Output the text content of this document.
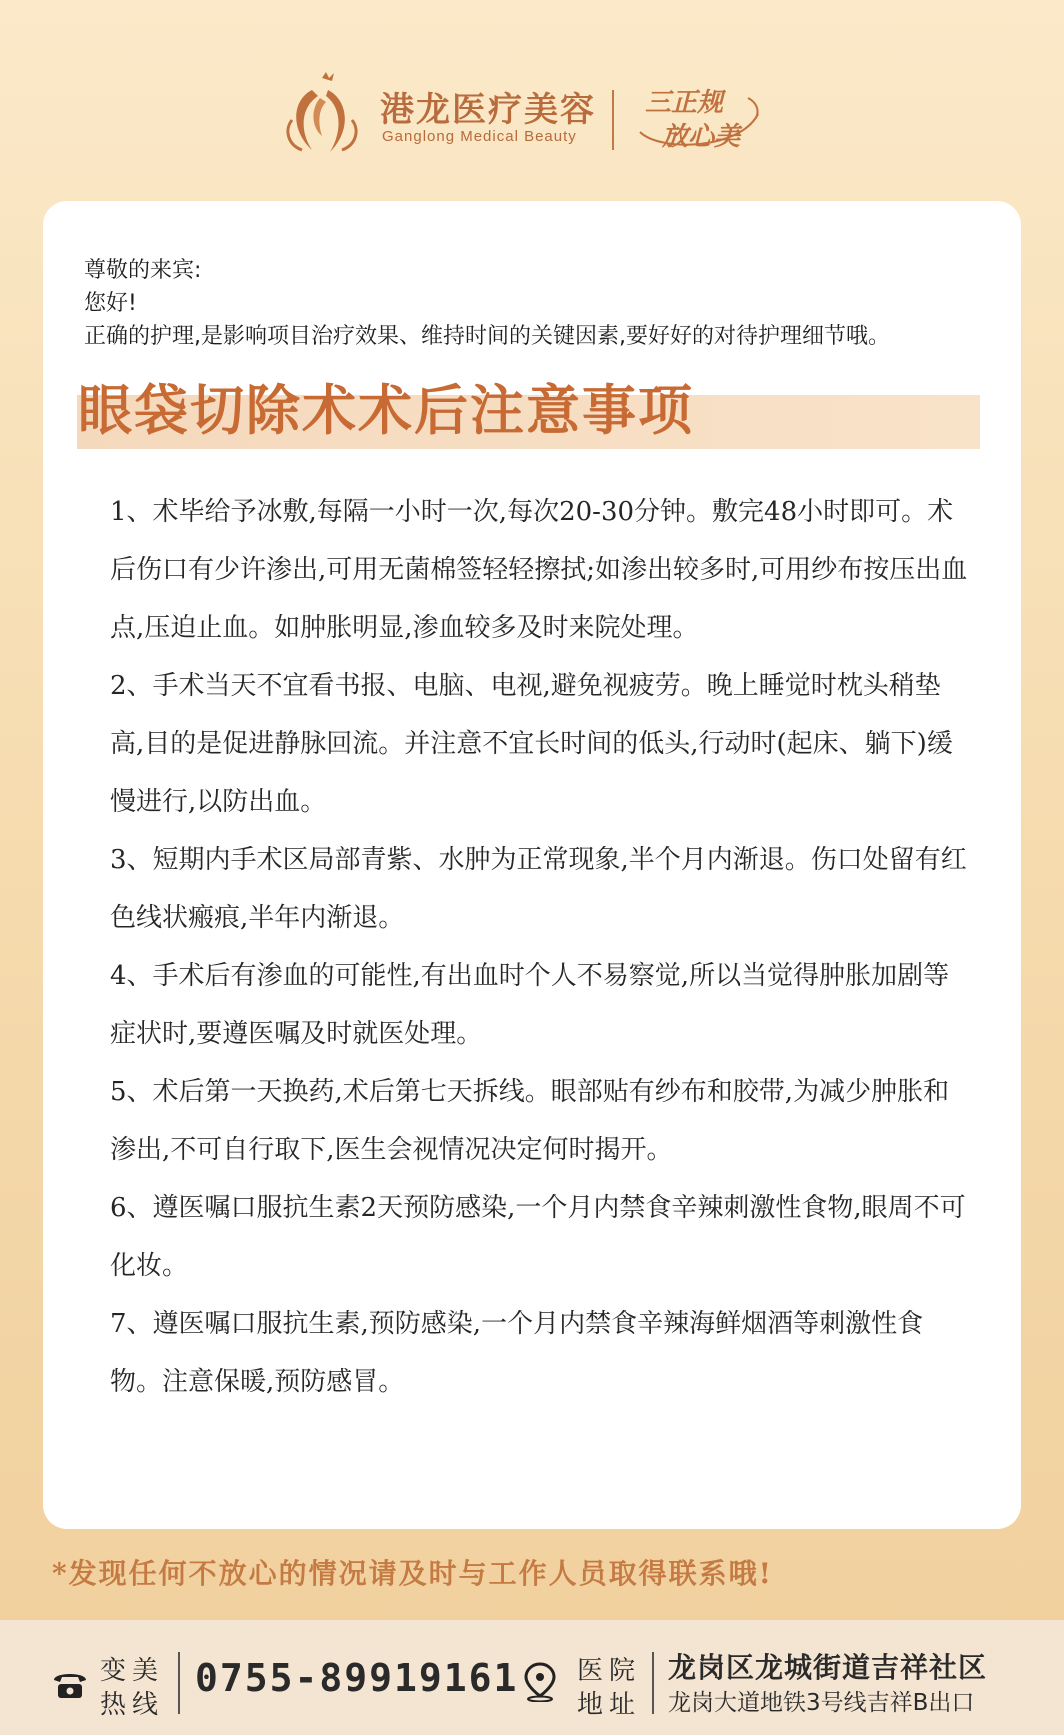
港龙医疗美容
Ganglong Medical Beauty
三正规
放心美
尊敬的来宾:
您好!
正确的护理,是影响项目治疗效果、维持时间的关键因素,要好好的对待护理细节哦。
眼袋切除术术后注意事项

1、术毕给予冰敷,每隔一小时一次,每次20-30分钟。敷完48小时即可。术后伤口有少许渗出,可用无菌棉签轻轻擦拭;如渗出较多时,可用纱布按压出血点,压迫止血。如肿胀明显,渗血较多及时来院处理。

2、手术当天不宜看书报、电脑、电视,避免视疲劳。晚上睡觉时枕头稍垫高,目的是促进静脉回流。并注意不宜长时间的低头,行动时(起床、躺下)缓慢进行,以防出血。

3、短期内手术区局部青紫、水肿为正常现象,半个月内渐退。伤口处留有红色线状瘢痕,半年内渐退。

4、手术后有渗血的可能性,有出血时个人不易察觉,所以当觉得肿胀加剧等症状时,要遵医嘱及时就医处理。

5、术后第一天换药,术后第七天拆线。眼部贴有纱布和胶带,为减少肿胀和渗出,不可自行取下,医生会视情况决定何时揭开。

6、遵医嘱口服抗生素2天预防感染,一个月内禁食辛辣刺激性食物,眼周不可化妆。

7、遵医嘱口服抗生素,预防感染,一个月内禁食辛辣海鲜烟酒等刺激性食物。注意保暖,预防感冒。

*发现任何不放心的情况请及时与工作人员取得联系哦!
变美
热线
0755-89919161 医院
地址
龙岗区龙城街道吉祥社区
龙岗大道地铁3号线吉祥B出口
